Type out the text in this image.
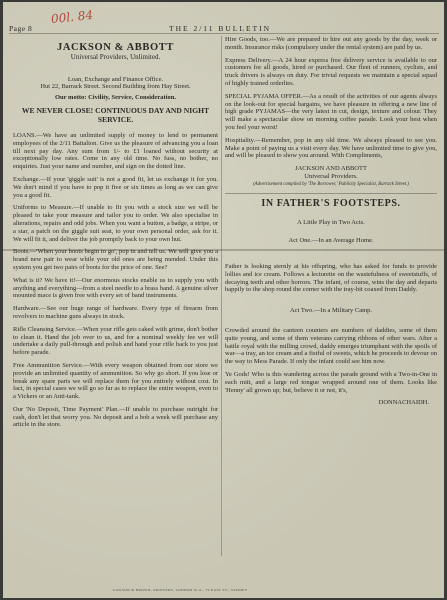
00l. 84
Page 8	THE 2/11 BULLETIN
JACKSON & ABBOTT
Universal Providers, Unlimited.
Loan, Exchange and Finance Office.
Hut 22, Barrack Street. Second Building from Hay Street.
Our motto: Civility, Service, Consideration.
WE NEVER CLOSE! CONTINUOUS DAY AND NIGHT SERVICE.

LOANS.—We have an unlimited supply of money to lend to permanent employees of the 2/11 Battalion. Give us the pleasure of advancing you a loan till next pay day. Any sum from 1/- to £1 loaned without security at exceptionally low rates. Come in any old time. No fuss, no bother, no enquiries. Just your name and number, and sign on the dotted line.

Exchange.—If your 'giggle suit' is not a good fit, let us exchange it for you. We don't mind if you have to pop it five or six times as long as we can give you a good fit.

Uniforms to Measure.—If unable to fit you with a stock size we will be pleased to take your measure and tailor you to order. We also specialise in alterations, repairs and odd jobs. When you want a button, a badge, a stripe, or a star, a patch on the giggle suit seat, to your own personal order, ask for it. We will fit it, and deliver the job promptly back to your own hut.

Boots.—'When your boots begin to go', pop in and tell us. We will give you a brand new pair to wear while your old ones are being mended. Under this system you get two pairs of boots for the price of one. See?

What is it? We have it!—Our enormous stocks enable us to supply you with anything and everything—from a steel needle to a brass band. A genuine silver mounted mace is given free with every set of band instruments.

Hardware.—See our huge range of hardware. Every type of firearm from revolvers to machine guns always in stock.

Rifle Cleansing Service.—When your rifle gets caked with grime, don't bother to clean it. Hand the job over to us, and for a nominal weekly fee we will undertake a daily pull-through and polish and hand your rifle back to you just before parade.

Free Ammunition Service.—With every weapon obtained from our store we provide an unlimited quantity of ammunition. So why go short. If you lose or break any spare parts we will replace them for you entirely without cost. In fact, in special cases we will go so far as to replace the entire weapon, even to a Vickers or an Anti-tank.

Our 'No Deposit, Time Payment' Plan.—If unable to purchase outright for cash, don't let that worry you. No deposit and a bob a week will purchase any article in the store.

Hire Goods, too.—We are prepared to hire out any goods by the day, week or month. Insurance risks (compulsory under the rental system) are paid by us.

Express Delivery.—A 24 hour express free delivery service is available to our customers for all goods, hired or purchased. Our fleet of runners, cyclists, and truck drivers is always on duty. For trivial requests we maintain a special squad of highly trained orderlies.

SPECIAL PYJAMA OFFER.—As a result of the activities of our agents always on the look-out for special bargains, we have pleasure in offering a new line of high grade PYJAMAS—the very latest in cut, design, texture and colour. They will make a spectacular show on morning coffee parade. Look your best when you feel your worst!

Hospitality.—Remember, pop in any old time. We always pleased to see you. Make a point of paying us a visit every day. We have unlimited time to give you, and will be pleased to show you around. With Compliments,

JACKSON AND ABBOTT
Universal Providers.
(Advertisement compiled by 'The Borrower,' Publicity Specialist, Barrack Street.)
IN FATHER'S FOOTSTEPS.
A Little Play in Two Acts.
Act One.—In an Average Home.

Father is looking sternly at his offspring, who has asked for funds to provide lollies and ice cream. Follows a lecturette on the wastefulness of sweetstuffs, of decaying teeth and other horrors. The infant, of course, wins the day and departs happily to the shop round the corner with the tray-bit coaxed from Daddy.

Act Two.—In a Military Camp.

Crowded around the canteen counters are numbers of daddies, some of them quite young, and some of them veterans carrying ribbons of other wars. After a battle royal with the milling crowd, daddy emerges triumphant with the spoils of war—a tray, an ice cream and a fistful of sweets, which he proceeds to devour on the way to Mess Parade. If only the infant could see him now.

Ye Gods! Who is this wandering across the parade ground with a Two-in-One in each mitt, and a large red tongue wrapped around one of them. Looks like 'Henny' all grown up; but, believe it or not, it's,

DONNACHAIDH.
LAWSON & BROWN, PRINTERS, LONDON W.A., 79 EAST ST., SYDNEY
